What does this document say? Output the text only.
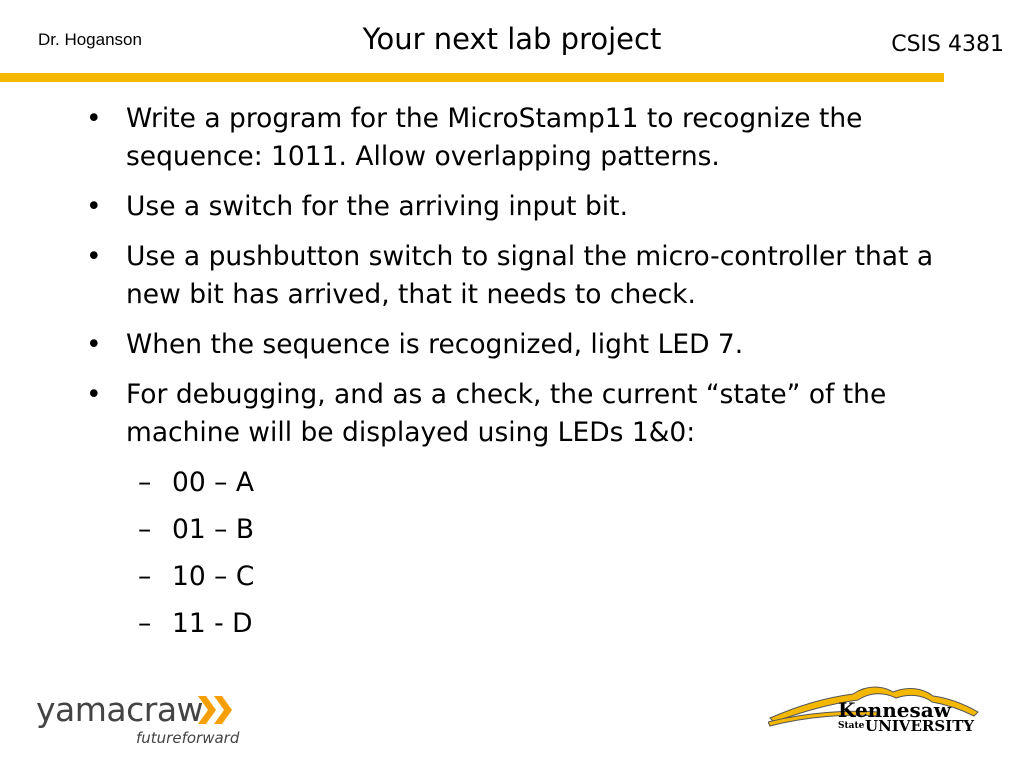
Dr. Hoganson	Your next lab project	CSIS 4381
• Write a program for the MicroStamp11 to recognize the sequence: 1011. Allow overlapping patterns.
• Use a switch for the arriving input bit.
• Use a pushbutton switch to signal the micro-controller that a new bit has arrived, that it needs to check.
• When the sequence is recognized, light LED 7.
• For debugging, and as a check, the current “state” of the machine will be displayed using LEDs 1&0:
– 00 – A
– 01 – B
– 10 – C
– 11 - D
yamacraw
futureforward
Kennesaw
State UNIVERSITY
